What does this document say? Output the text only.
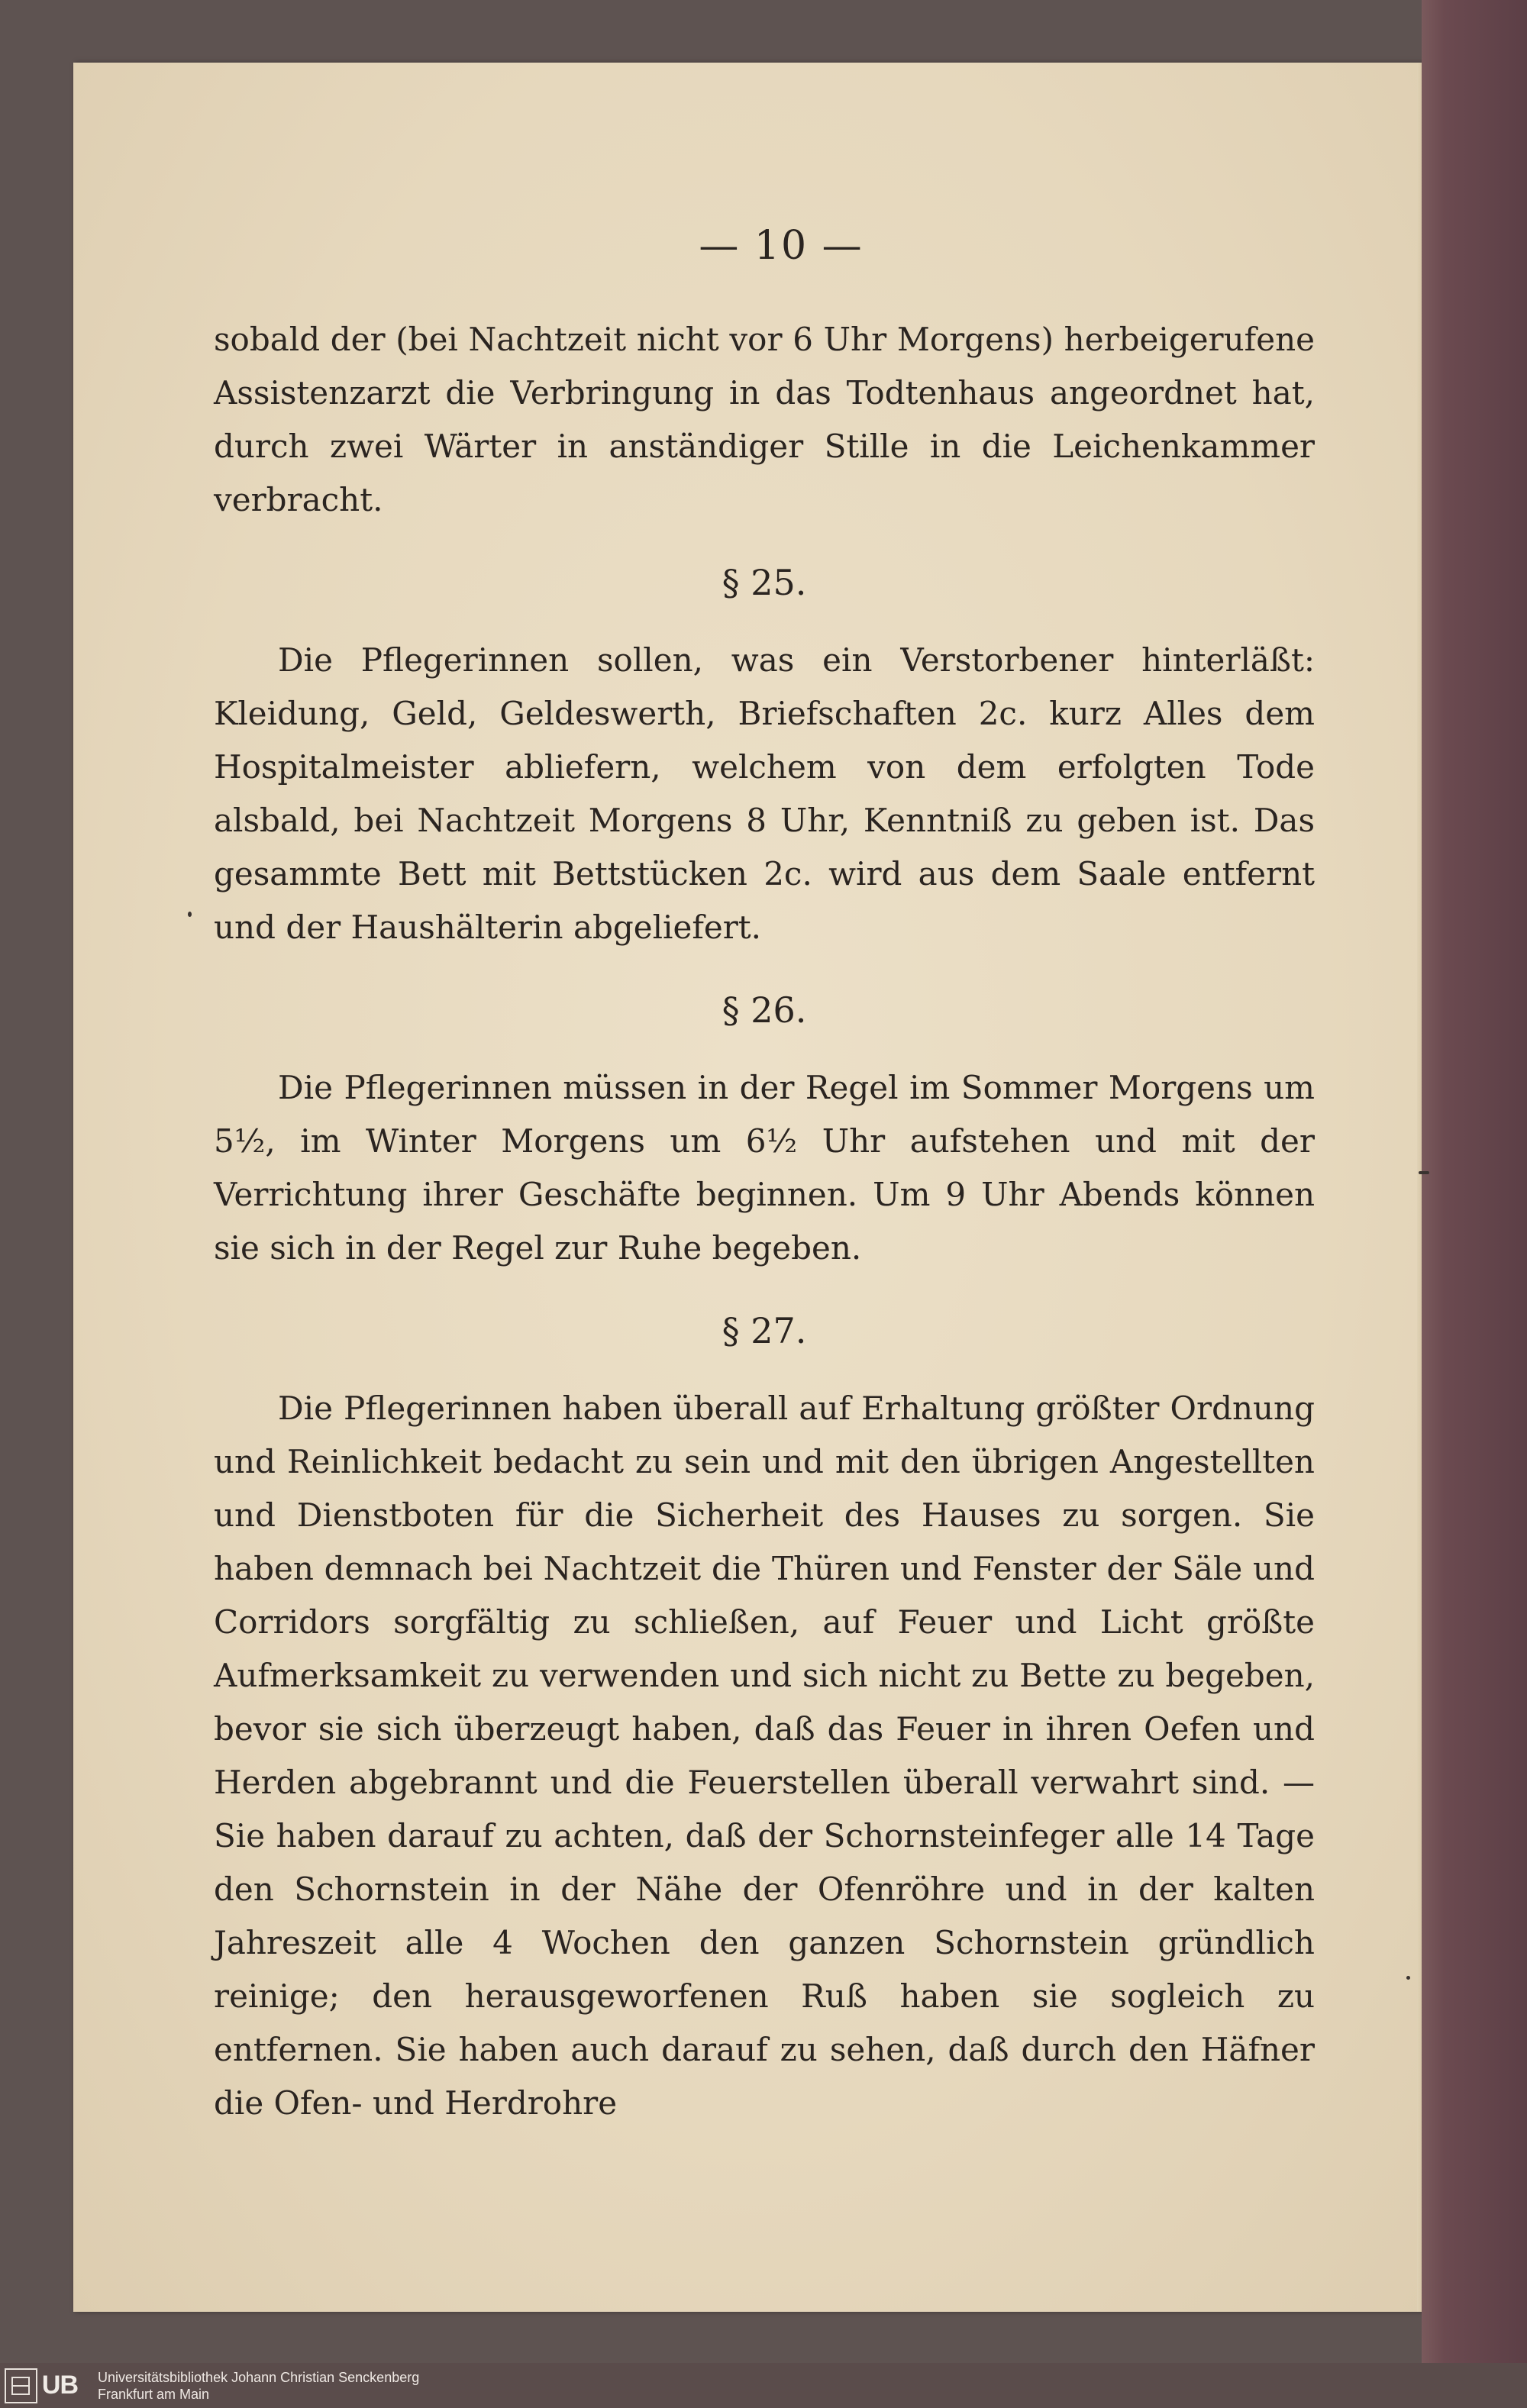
— 10 —

sobald der (bei Nachtzeit nicht vor 6 Uhr Morgens) herbeigerufene Assistenzarzt die Verbringung in das Todtenhaus angeordnet hat, durch zwei Wärter in anständiger Stille in die Leichenkammer verbracht.

§ 25.

Die Pflegerinnen sollen, was ein Verstorbener hinterläßt: Kleidung, Geld, Geldeswerth, Briefschaften 2c. kurz Alles dem Hospitalmeister abliefern, welchem von dem erfolgten Tode alsbald, bei Nachtzeit Morgens 8 Uhr, Kenntniß zu geben ist. Das gesammte Bett mit Bettstücken 2c. wird aus dem Saale entfernt und der Haushälterin abgeliefert.

§ 26.

Die Pflegerinnen müssen in der Regel im Sommer Morgens um 5½, im Winter Morgens um 6½ Uhr aufstehen und mit der Verrichtung ihrer Geschäfte beginnen. Um 9 Uhr Abends können sie sich in der Regel zur Ruhe begeben.

§ 27.

Die Pflegerinnen haben überall auf Erhaltung größter Ordnung und Reinlichkeit bedacht zu sein und mit den übrigen Angestellten und Dienstboten für die Sicherheit des Hauses zu sorgen. Sie haben demnach bei Nachtzeit die Thüren und Fenster der Säle und Corridors sorgfältig zu schließen, auf Feuer und Licht größte Aufmerksamkeit zu verwenden und sich nicht zu Bette zu begeben, bevor sie sich überzeugt haben, daß das Feuer in ihren Oefen und Herden abgebrannt und die Feuerstellen überall verwahrt sind. — Sie haben darauf zu achten, daß der Schornsteinfeger alle 14 Tage den Schornstein in der Nähe der Ofenröhre und in der kalten Jahreszeit alle 4 Wochen den ganzen Schornstein gründlich reinige; den herausgeworfenen Ruß haben sie sogleich zu entfernen. Sie haben auch darauf zu sehen, daß durch den Häfner die Ofen- und Herdrohre

UB Universitätsbibliothek Johann Christian Senckenberg
Frankfurt am Main
